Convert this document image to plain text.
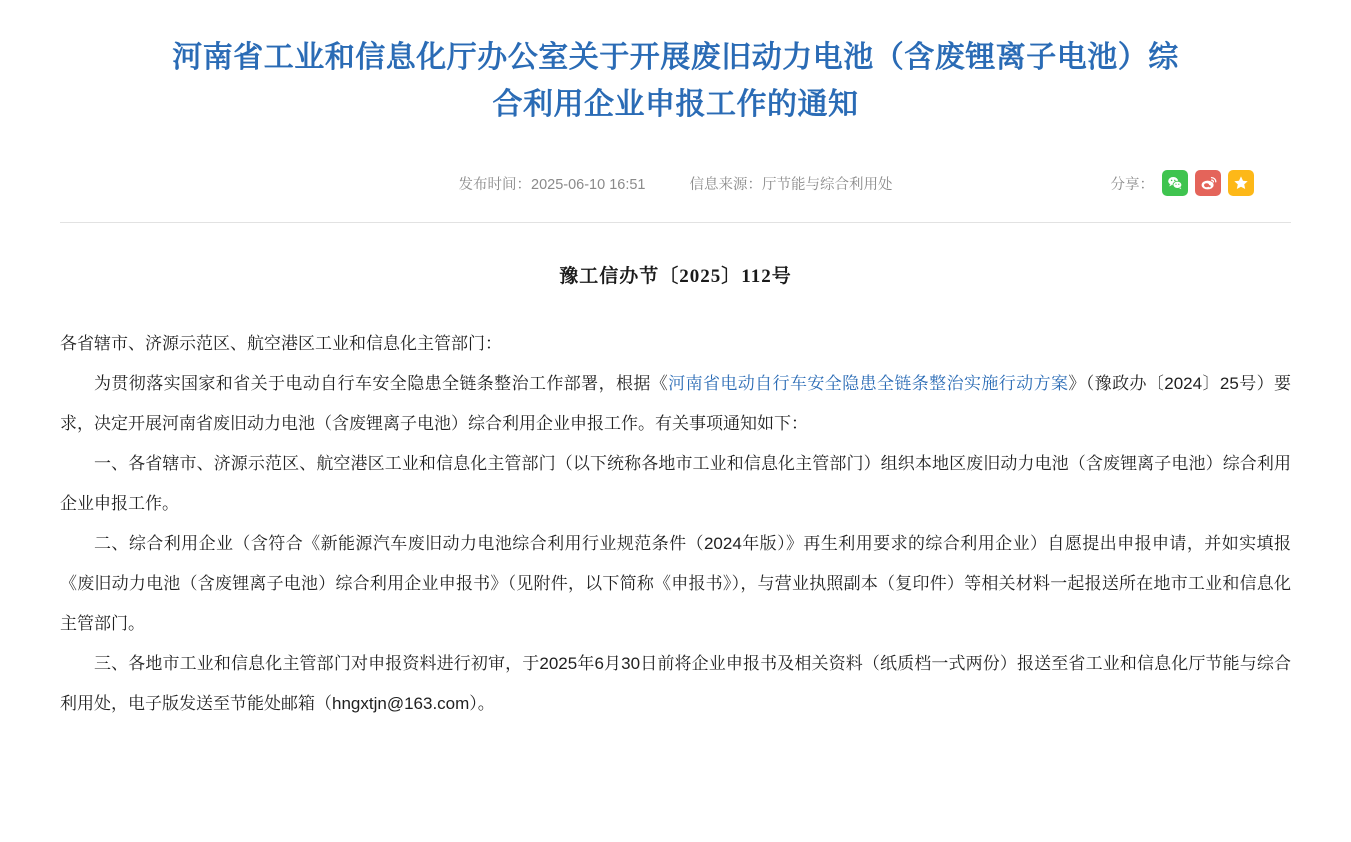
河南省工业和信息化厅办公室关于开展废旧动力电池（含废锂离子电池）综合利用企业申报工作的通知
发布时间：2025-06-10 16:51	信息来源：厅节能与综合利用处	分享：
豫工信办节〔2025〕112号

各省辖市、济源示范区、航空港区工业和信息化主管部门：

为贯彻落实国家和省关于电动自行车安全隐患全链条整治工作部署，根据《河南省电动自行车安全隐患全链条整治实施行动方案》（豫政办〔2024〕25号）要求，决定开展河南省废旧动力电池（含废锂离子电池）综合利用企业申报工作。有关事项通知如下：

一、各省辖市、济源示范区、航空港区工业和信息化主管部门（以下统称各地市工业和信息化主管部门）组织本地区废旧动力电池（含废锂离子电池）综合利用企业申报工作。

二、综合利用企业（含符合《新能源汽车废旧动力电池综合利用行业规范条件（2024年版）》再生利用要求的综合利用企业）自愿提出申报申请，并如实填报《废旧动力电池（含废锂离子电池）综合利用企业申报书》（见附件，以下简称《申报书》），与营业执照副本（复印件）等相关材料一起报送所在地市工业和信息化主管部门。

三、各地市工业和信息化主管部门对申报资料进行初审，于2025年6月30日前将企业申报书及相关资料（纸质档一式两份）报送至省工业和信息化厅节能与综合利用处，电子版发送至节能处邮箱（hngxtjn@163.com）。
